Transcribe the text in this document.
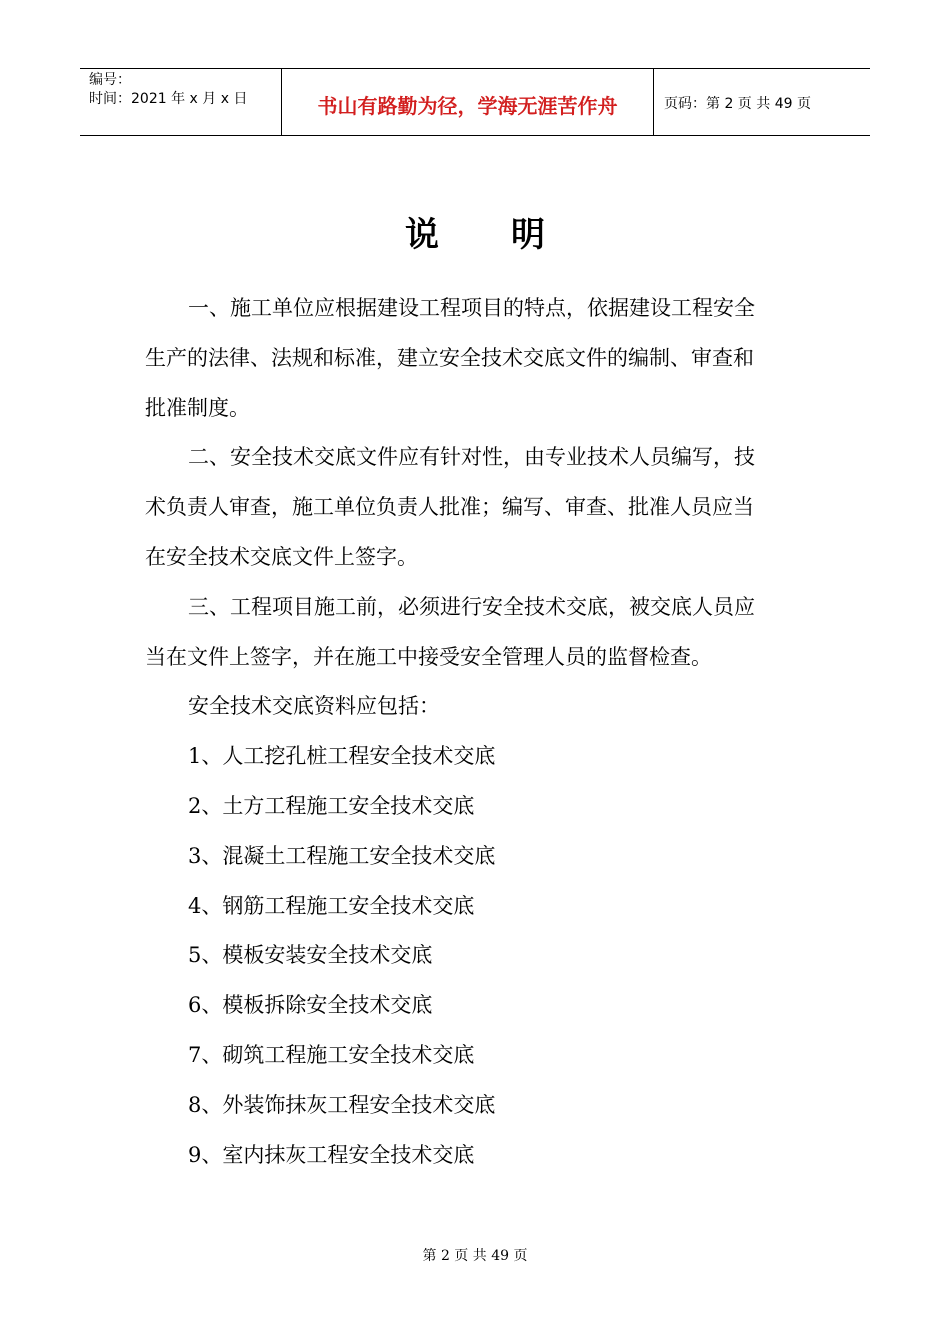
编号：
时间：2021 年 x 月 x 日	书山有路勤为径，学海无涯苦作舟	页码：第 2 页 共 49 页
说明

一、施工单位应根据建设工程项目的特点，依据建设工程安全生产的法律、法规和标准，建立安全技术交底文件的编制、审查和批准制度。

二、安全技术交底文件应有针对性，由专业技术人员编写，技术负责人审查，施工单位负责人批准；编写、审查、批准人员应当在安全技术交底文件上签字。

三、工程项目施工前，必须进行安全技术交底，被交底人员应当在文件上签字，并在施工中接受安全管理人员的监督检查。

安全技术交底资料应包括：

1、人工挖孔桩工程安全技术交底
2、土方工程施工安全技术交底
3、混凝土工程施工安全技术交底
4、钢筋工程施工安全技术交底
5、模板安装安全技术交底
6、模板拆除安全技术交底
7、砌筑工程施工安全技术交底
8、外装饰抹灰工程安全技术交底
9、室内抹灰工程安全技术交底
第 2 页 共 49 页
